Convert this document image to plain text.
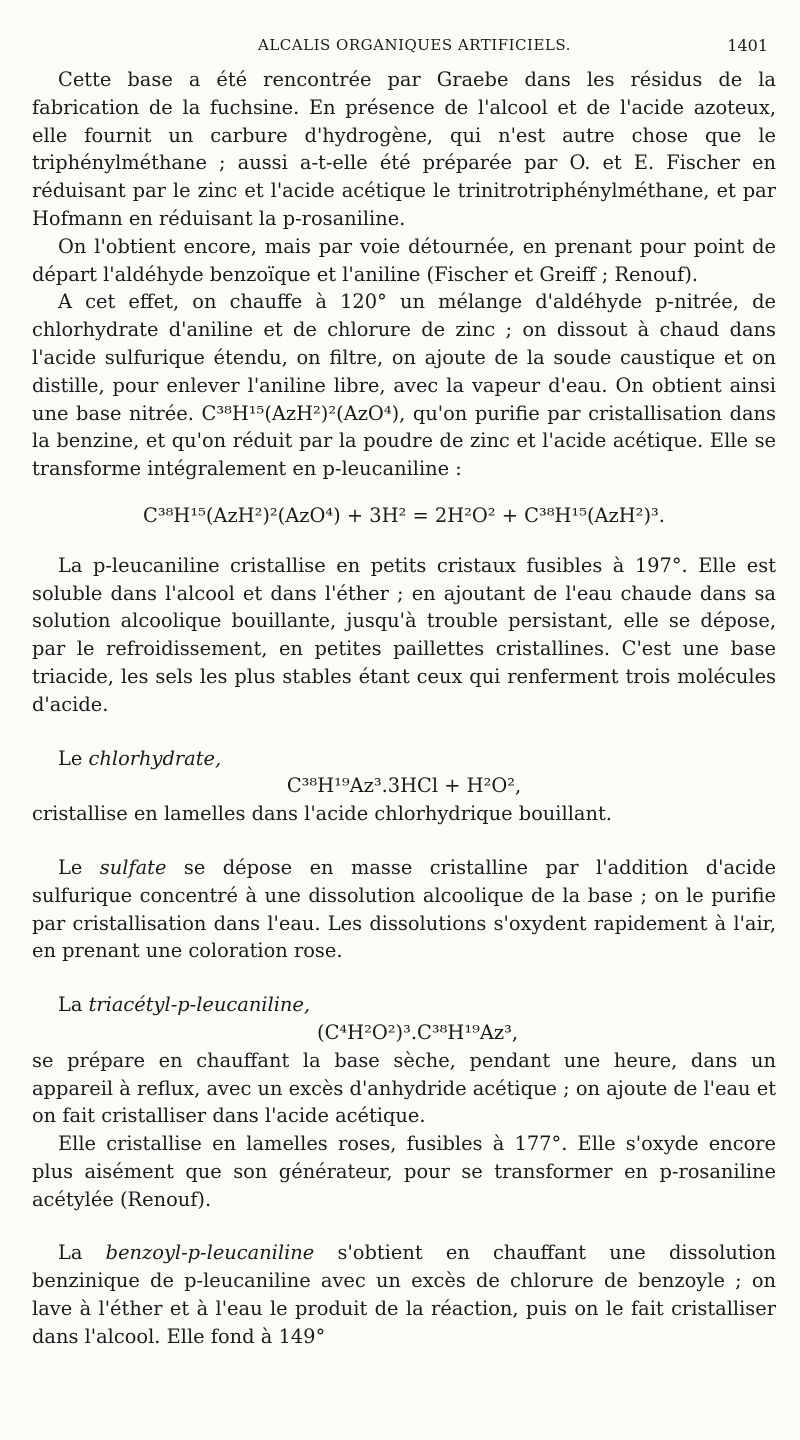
ALCALIS ORGANIQUES ARTIFICIELS.	1401

Cette base a été rencontrée par Graebe dans les résidus de la fabrication de la fuchsine. En présence de l'alcool et de l'acide azoteux, elle fournit un carbure d'hydrogène, qui n'est autre chose que le triphénylméthane ; aussi a-t-elle été préparée par O. et E. Fischer en réduisant par le zinc et l'acide acétique le trinitrotriphénylméthane, et par Hofmann en réduisant la p-rosaniline.

On l'obtient encore, mais par voie détournée, en prenant pour point de départ l'aldéhyde benzoïque et l'aniline (Fischer et Greiff ; Renouf).

A cet effet, on chauffe à 120° un mélange d'aldéhyde p-nitrée, de chlorhydrate d'aniline et de chlorure de zinc ; on dissout à chaud dans l'acide sulfurique étendu, on filtre, on ajoute de la soude caustique et on distille, pour enlever l'aniline libre, avec la vapeur d'eau. On obtient ainsi une base nitrée. C³⁸H¹⁵(AzH²)²(AzO⁴), qu'on purifie par cristallisation dans la benzine, et qu'on réduit par la poudre de zinc et l'acide acétique. Elle se transforme intégralement en p-leucaniline :

C³⁸H¹⁵(AzH²)²(AzO⁴) + 3H² = 2H²O² + C³⁸H¹⁵(AzH²)³.

La p-leucaniline cristallise en petits cristaux fusibles à 197°. Elle est soluble dans l'alcool et dans l'éther ; en ajoutant de l'eau chaude dans sa solution alcoolique bouillante, jusqu'à trouble persistant, elle se dépose, par le refroidissement, en petites paillettes cristallines. C'est une base triacide, les sels les plus stables étant ceux qui renferment trois molécules d'acide.

Le chlorhydrate,

C³⁸H¹⁹Az³.3HCl + H²O²,

cristallise en lamelles dans l'acide chlorhydrique bouillant.

Le sulfate se dépose en masse cristalline par l'addition d'acide sulfurique concentré à une dissolution alcoolique de la base ; on le purifie par cristallisation dans l'eau. Les dissolutions s'oxydent rapidement à l'air, en prenant une coloration rose.

La triacétyl-p-leucaniline,

(C⁴H²O²)³.C³⁸H¹⁹Az³,

se prépare en chauffant la base sèche, pendant une heure, dans un appareil à reflux, avec un excès d'anhydride acétique ; on ajoute de l'eau et on fait cristalliser dans l'acide acétique.

Elle cristallise en lamelles roses, fusibles à 177°. Elle s'oxyde encore plus aisément que son générateur, pour se transformer en p-rosaniline acétylée (Renouf).

La benzoyl-p-leucaniline s'obtient en chauffant une dissolution benzinique de p-leucaniline avec un excès de chlorure de benzoyle ; on lave à l'éther et à l'eau le produit de la réaction, puis on le fait cristalliser dans l'alcool. Elle fond à 149°
